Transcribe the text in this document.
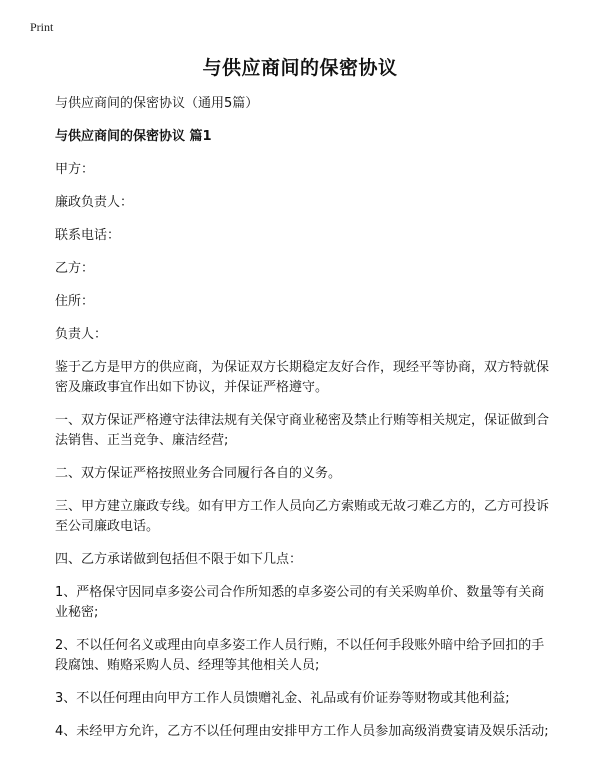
Print
与供应商间的保密协议

与供应商间的保密协议（通用5篇）

与供应商间的保密协议 篇1

甲方：
廉政负责人：
联系电话：
乙方：
住所：
负责人：

鉴于乙方是甲方的供应商，为保证双方长期稳定友好合作，现经平等协商，双方特就保密及廉政事宜作出如下协议，并保证严格遵守。

一、双方保证严格遵守法律法规有关保守商业秘密及禁止行贿等相关规定，保证做到合法销售、正当竞争、廉洁经营;

二、双方保证严格按照业务合同履行各自的义务。

三、甲方建立廉政专线。如有甲方工作人员向乙方索贿或无故刁难乙方的，乙方可投诉至公司廉政电话。

四、乙方承诺做到包括但不限于如下几点：

1、严格保守因同卓多姿公司合作所知悉的卓多姿公司的有关采购单价、数量等有关商业秘密;

2、不以任何名义或理由向卓多姿工作人员行贿，不以任何手段账外暗中给予回扣的手段腐蚀、贿赂采购人员、经理等其他相关人员;

3、不以任何理由向甲方工作人员馈赠礼金、礼品或有价证券等财物或其他利益;

4、未经甲方允许，乙方不以任何理由安排甲方工作人员参加高级消费宴请及娱乐活动;
